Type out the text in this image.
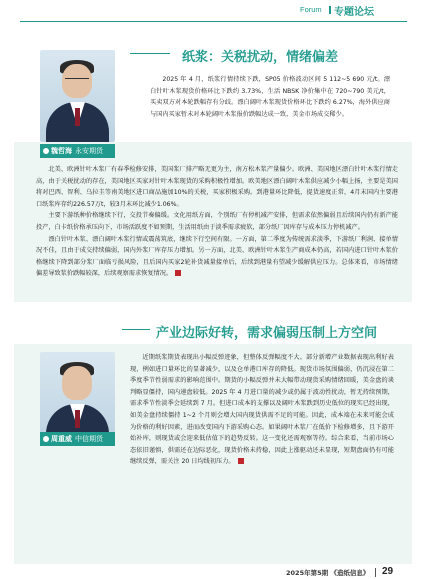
Forum 专题论坛
纸浆：关税扰动，情绪偏差
魏哲海 永安期货

2025 年 4 月，纸浆行情持续下跌，SP05 价格波动区间 5 112~5 690 元/t。漂白针叶木浆现货价格环比下跌约 3.73%，生活 NBSK 净价集中在 720~790 美元/t，买卖双方对本轮跌幅存有分歧。漂白阔叶木浆现货价格环比下跌约 6.27%，海外供应商与国内买家暂未对本轮阔叶木浆报价跌幅达成一致，美金市场成交稀少。

北美、欧洲针叶木浆厂有春季检修安排，美国浆厂排产略无更为主，南方松木浆产量偏少。欧洲、美国地区漂白针叶木浆行情走高，由于关税扰动的存在，美国地区买家对针叶木浆现货的采购积极性增加。欧美地区漂白阔叶木浆供应减少小幅上扬，主要是美国将对巴西、智利、乌拉圭等南美地区进口商品施加10%的关税，买家积极采购。到港量环比降低，提货速度正常，4月末国内主要港口纸浆库存约226.57万t，较3月末环比减少1.06%。

主要下游纸种价格继续下行，交投节奏偏缓。文化用纸方面，个别纸厂有停机减产安排，但需求依然偏弱且后续国内仍有新产能投产，白卡纸价格承压向下，市场活跃度不如预期，生活用纸由于淡季需求疲软，部分纸厂因库存与成本压力停机减产。

漂白针叶木浆、漂白阔叶木浆行情或震荡筑底，继续下行空间有限。一方面，第二季度为传统需求淡季，下游纸厂利润、接单情况不佳，且由于成交持续偏弱，国内外浆厂库存压力增加。另一方面，北美、欧洲针叶木浆生产商成本仍高，若国内进口针叶木浆价格继续下降到部分浆厂面临亏损风险，且后国内买家2轮补货减量接单后，后续到港量有望减少缓解供应压力。总体来看，市场情绪偏差导致浆价跌幅较深，后续观察需求恢复情况。

产业边际好转，需求偏弱压制上方空间
周重威 中信期货

近期纸浆期货表现出小幅反弹迹象，但整体反弹幅度不大。部分新增产业数据表现出利好表现，例如进口量环比的显著减少，以及仓单港口库存的降低。现货市场氛围偏弱，仍沉浸在第二季度季节性弱需求的影响范围中。期货的小幅反弹并未大幅带动现货采购情绪回暖，美金盘的谈判略显僵持，国内递盘较低。2025 年 4 月进口量的减少或仍属于波动性扰动，暂无持续预期，需求季节性淡季会延续到 7 月。但进口成本的支撑以及阔叶木浆跌到历史低位的现实已经出现，如美金盘持续僵持 1~2 个月则会增大国内现货供需不足的可能。因此，成本端在未来可能会成为价格的利好因素，进而改变国内下游采购心态。如果阔叶木浆厂在低价下检修增多，且下游开始补库，则现货或会迎来低估值下的趋势反转。这一变化还需观察等待。综合来看，当前市场心态依旧谨慎，供需还在边际恶化，现货价格未持稳，因此上涨驱动还未显现，短期盘面仍有可能继续反弹，需关注 20 日均线初压力。

2025年第5期 《造纸信息》 29
